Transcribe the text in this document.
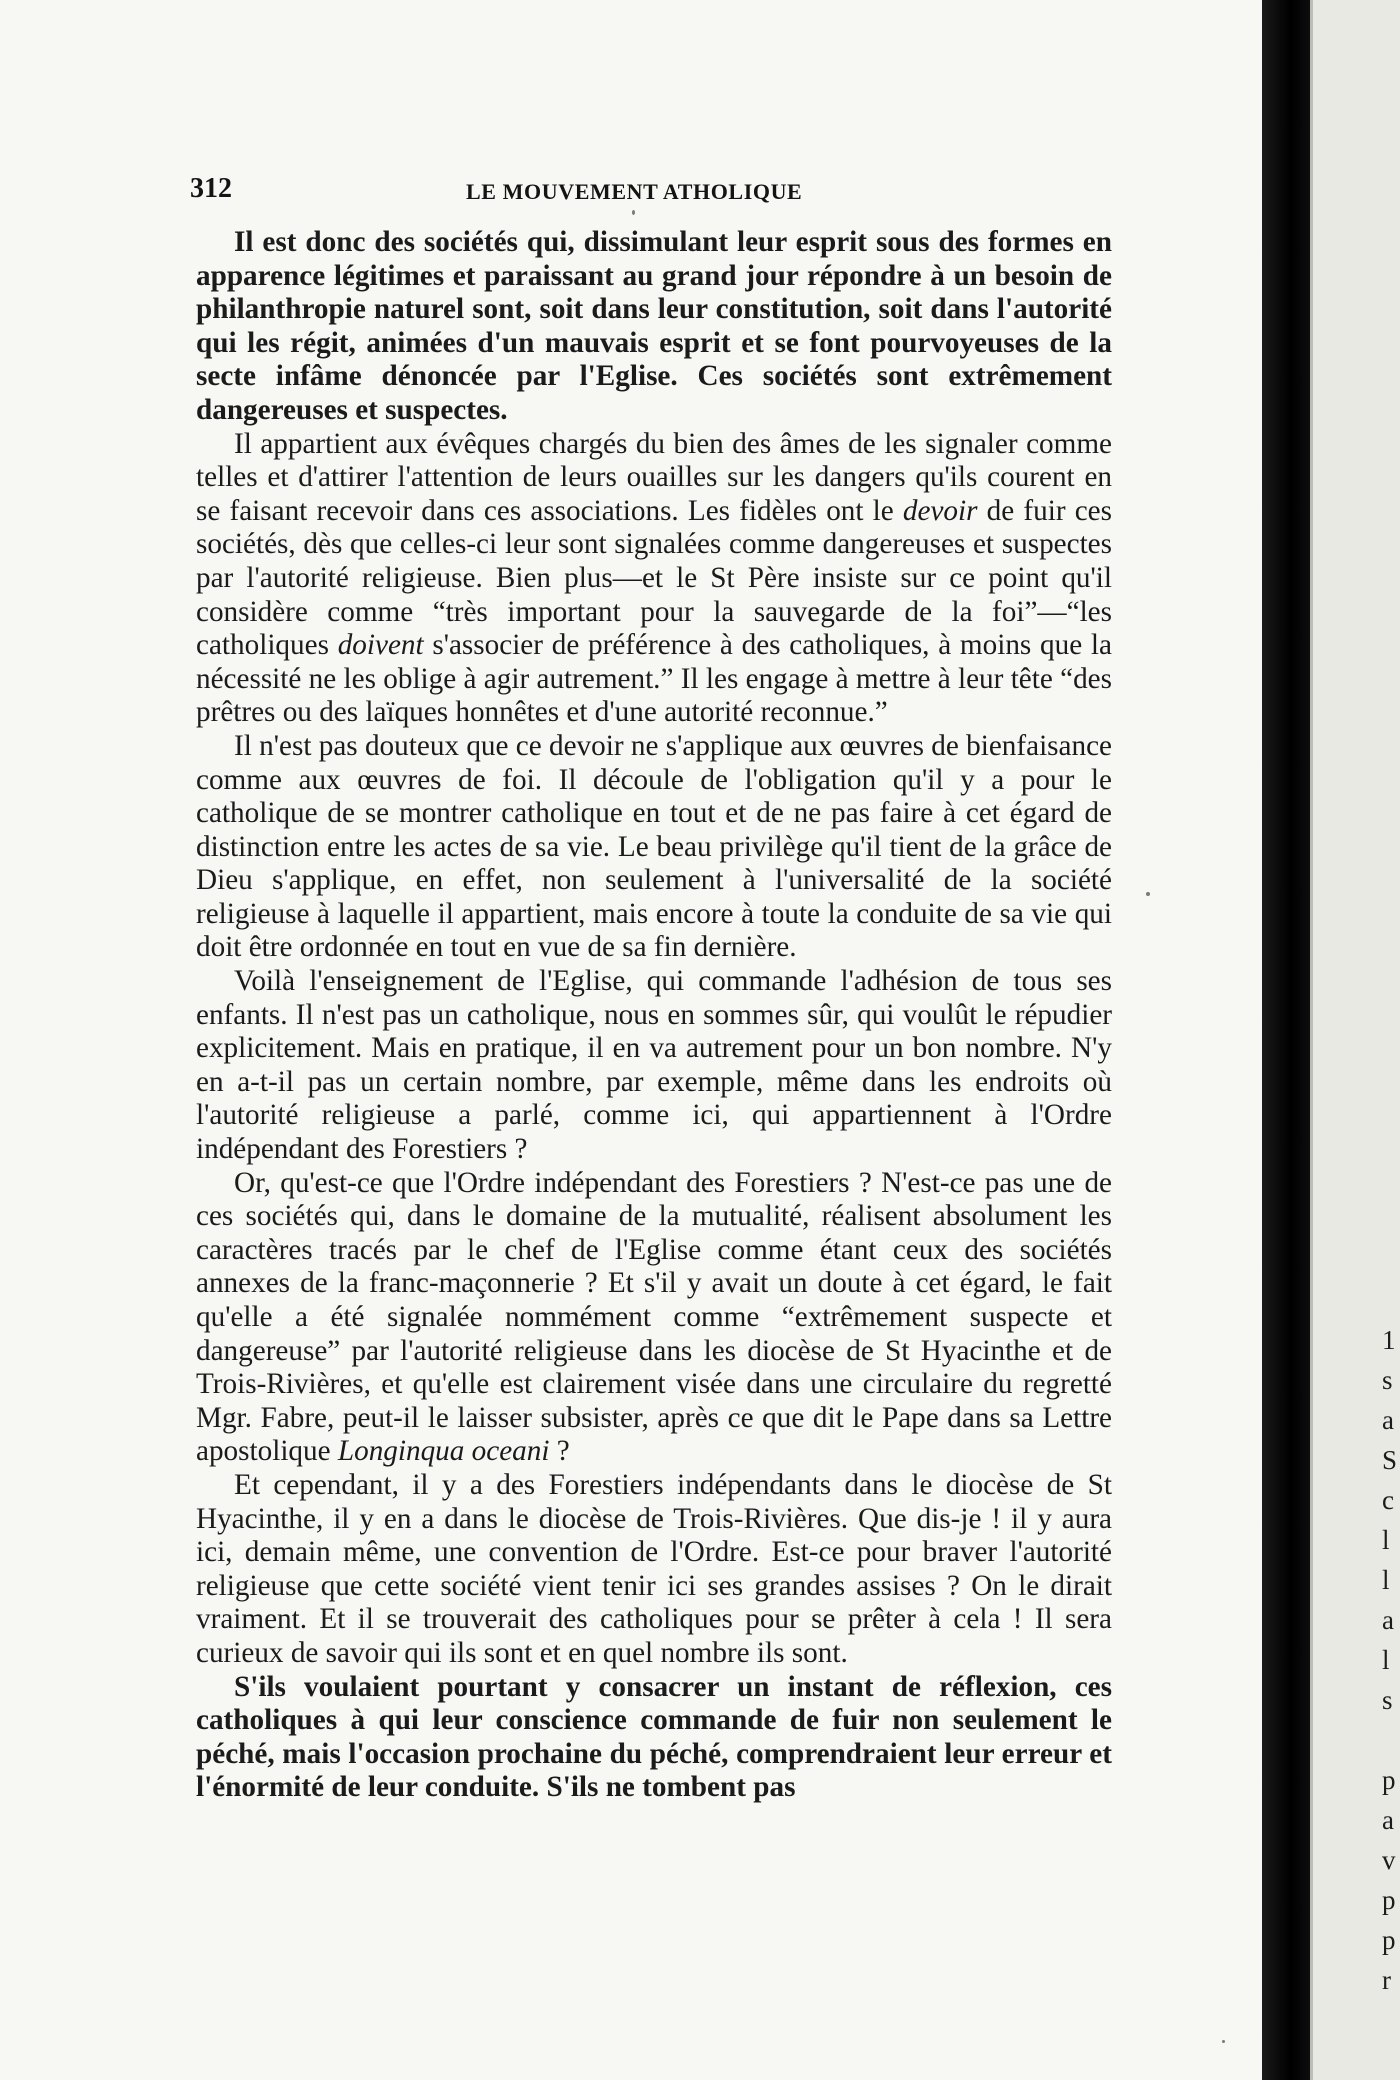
312	LE MOUVEMENT ATHOLIQUE

Il est donc des sociétés qui, dissimulant leur esprit sous des formes en apparence légitimes et paraissant au grand jour répondre à un besoin de philanthropie naturel sont, soit dans leur constitution, soit dans l'autorité qui les régit, animées d'un mauvais esprit et se font pourvoyeuses de la secte infâme dénoncée par l'Eglise. Ces sociétés sont extrêmement dangereuses et suspectes.

Il appartient aux évêques chargés du bien des âmes de les signaler comme telles et d'attirer l'attention de leurs ouailles sur les dangers qu'ils courent en se faisant recevoir dans ces associations. Les fidèles ont le devoir de fuir ces sociétés, dès que celles-ci leur sont signalées comme dangereuses et suspectes par l'autorité religieuse. Bien plus—et le St Père insiste sur ce point qu'il considère comme “très important pour la sauvegarde de la foi”—“les catholiques doivent s'associer de préférence à des catholiques, à moins que la nécessité ne les oblige à agir autrement.” Il les engage à mettre à leur tête “des prêtres ou des laïques honnêtes et d'une autorité reconnue.”

Il n'est pas douteux que ce devoir ne s'applique aux œuvres de bienfaisance comme aux œuvres de foi. Il découle de l'obligation qu'il y a pour le catholique de se montrer catholique en tout et de ne pas faire à cet égard de distinction entre les actes de sa vie. Le beau privilège qu'il tient de la grâce de Dieu s'applique, en effet, non seulement à l'universalité de la société religieuse à laquelle il appartient, mais encore à toute la conduite de sa vie qui doit être ordonnée en tout en vue de sa fin dernière.

Voilà l'enseignement de l'Eglise, qui commande l'adhésion de tous ses enfants. Il n'est pas un catholique, nous en sommes sûr, qui voulût le répudier explicitement. Mais en pratique, il en va autrement pour un bon nombre. N'y en a-t-il pas un certain nombre, par exemple, même dans les endroits où l'autorité religieuse a parlé, comme ici, qui appartiennent à l'Ordre indépendant des Forestiers ?

Or, qu'est-ce que l'Ordre indépendant des Forestiers ? N'est-ce pas une de ces sociétés qui, dans le domaine de la mutualité, réalisent absolument les caractères tracés par le chef de l'Eglise comme étant ceux des sociétés annexes de la franc-maçonnerie ? Et s'il y avait un doute à cet égard, le fait qu'elle a été signalée nommément comme “extrêmement suspecte et dangereuse” par l'autorité religieuse dans les diocèse de St Hyacinthe et de Trois-Rivières, et qu'elle est clairement visée dans une circulaire du regretté Mgr. Fabre, peut-il le laisser subsister, après ce que dit le Pape dans sa Lettre apostolique Longinqua oceani ?

Et cependant, il y a des Forestiers indépendants dans le diocèse de St Hyacinthe, il y en a dans le diocèse de Trois-Rivières. Que dis-je ! il y aura ici, demain même, une convention de l'Ordre. Est-ce pour braver l'autorité religieuse que cette société vient tenir ici ses grandes assises ? On le dirait vraiment. Et il se trouverait des catholiques pour se prêter à cela ! Il sera curieux de savoir qui ils sont et en quel nombre ils sont.

S'ils voulaient pourtant y consacrer un instant de réflexion, ces catholiques à qui leur conscience commande de fuir non seulement le péché, mais l'occasion prochaine du péché, comprendraient leur erreur et l'énormité de leur conduite. S'ils ne tombent pas

1
s
a
S
c
l
l
a
l
s
p
a
v
p
p
r
